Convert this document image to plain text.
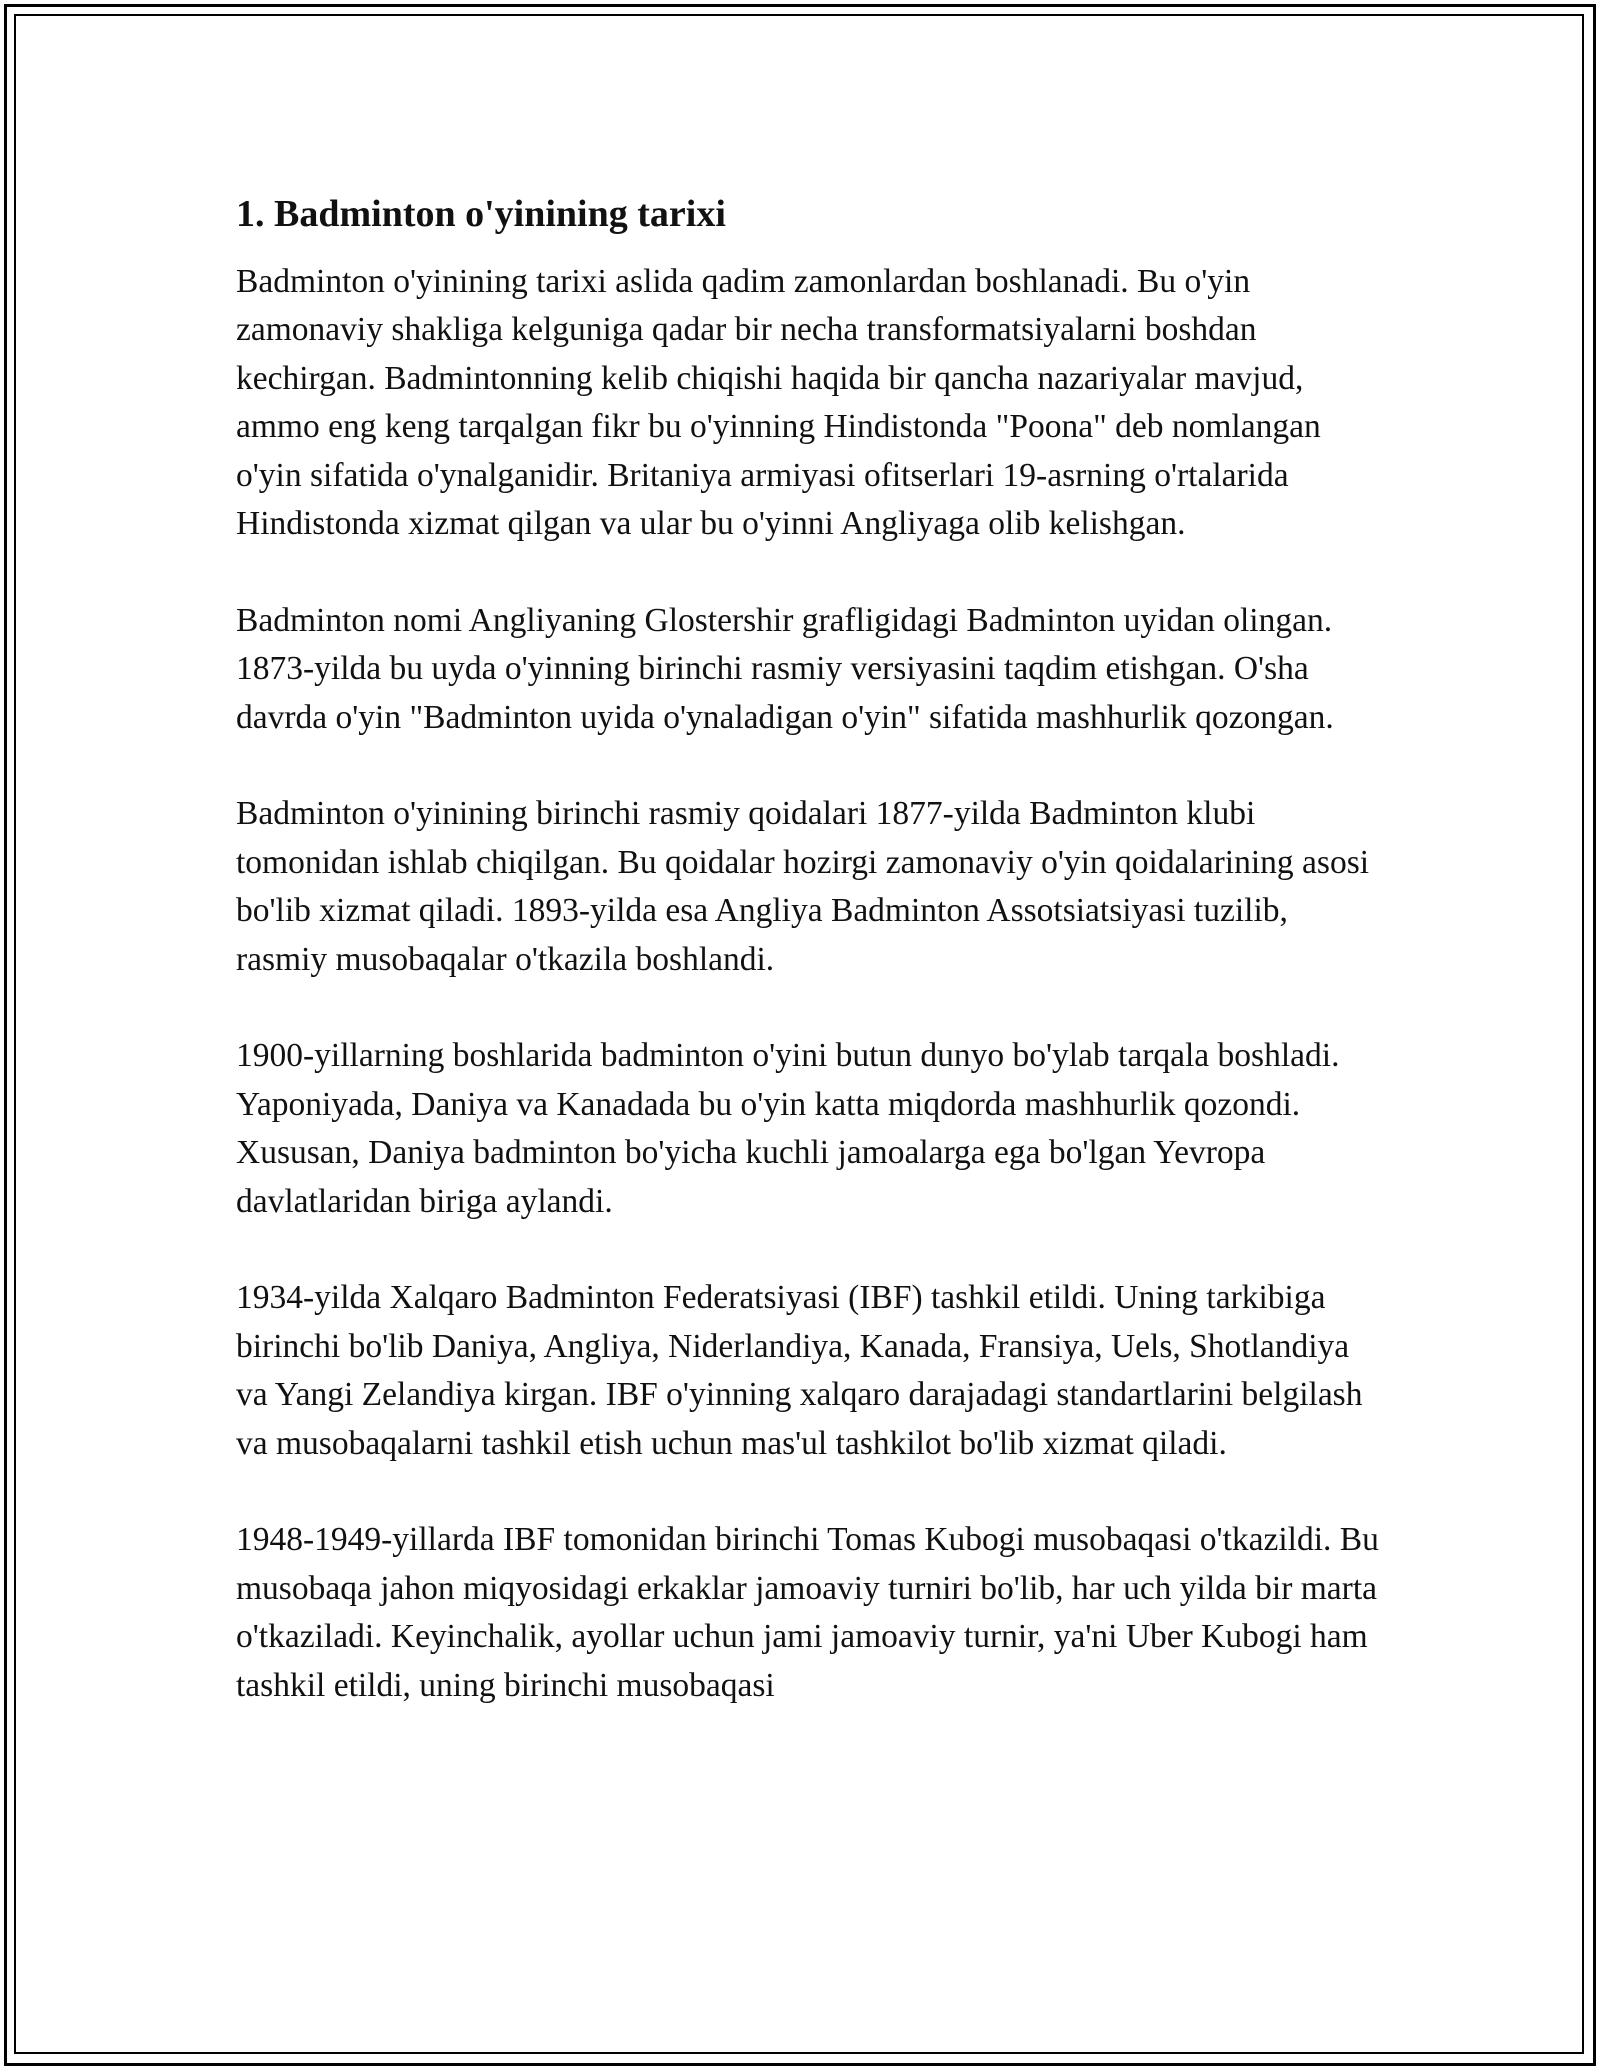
1. Badminton o'yinining tarixi

Badminton o'yinining tarixi aslida qadim zamonlardan boshlanadi. Bu o'yin zamonaviy shakliga kelguniga qadar bir necha transformatsiyalarni boshdan kechirgan. Badmintonning kelib chiqishi haqida bir qancha nazariyalar mavjud, ammo eng keng tarqalgan fikr bu o'yinning Hindistonda "Poona" deb nomlangan o'yin sifatida o'ynalganidir. Britaniya armiyasi ofitserlari 19-asrning o'rtalarida Hindistonda xizmat qilgan va ular bu o'yinni Angliyaga olib kelishgan.

Badminton nomi Angliyaning Glostershir grafligidagi Badminton uyidan olingan. 1873-yilda bu uyda o'yinning birinchi rasmiy versiyasini taqdim etishgan. O'sha davrda o'yin "Badminton uyida o'ynaladigan o'yin" sifatida mashhurlik qozongan.

Badminton o'yinining birinchi rasmiy qoidalari 1877-yilda Badminton klubi tomonidan ishlab chiqilgan. Bu qoidalar hozirgi zamonaviy o'yin qoidalarining asosi bo'lib xizmat qiladi. 1893-yilda esa Angliya Badminton Assotsiatsiyasi tuzilib, rasmiy musobaqalar o'tkazila boshlandi.

1900-yillarning boshlarida badminton o'yini butun dunyo bo'ylab tarqala boshladi. Yaponiyada, Daniya va Kanadada bu o'yin katta miqdorda mashhurlik qozondi. Xususan, Daniya badminton bo'yicha kuchli jamoalarga ega bo'lgan Yevropa davlatlaridan biriga aylandi.

1934-yilda Xalqaro Badminton Federatsiyasi (IBF) tashkil etildi. Uning tarkibiga birinchi bo'lib Daniya, Angliya, Niderlandiya, Kanada, Fransiya, Uels, Shotlandiya va Yangi Zelandiya kirgan. IBF o'yinning xalqaro darajadagi standartlarini belgilash va musobaqalarni tashkil etish uchun mas'ul tashkilot bo'lib xizmat qiladi.

1948-1949-yillarda IBF tomonidan birinchi Tomas Kubogi musobaqasi o'tkazildi. Bu musobaqa jahon miqyosidagi erkaklar jamoaviy turniri bo'lib, har uch yilda bir marta o'tkaziladi. Keyinchalik, ayollar uchun jami jamoaviy turnir, ya'ni Uber Kubogi ham tashkil etildi, uning birinchi musobaqasi
